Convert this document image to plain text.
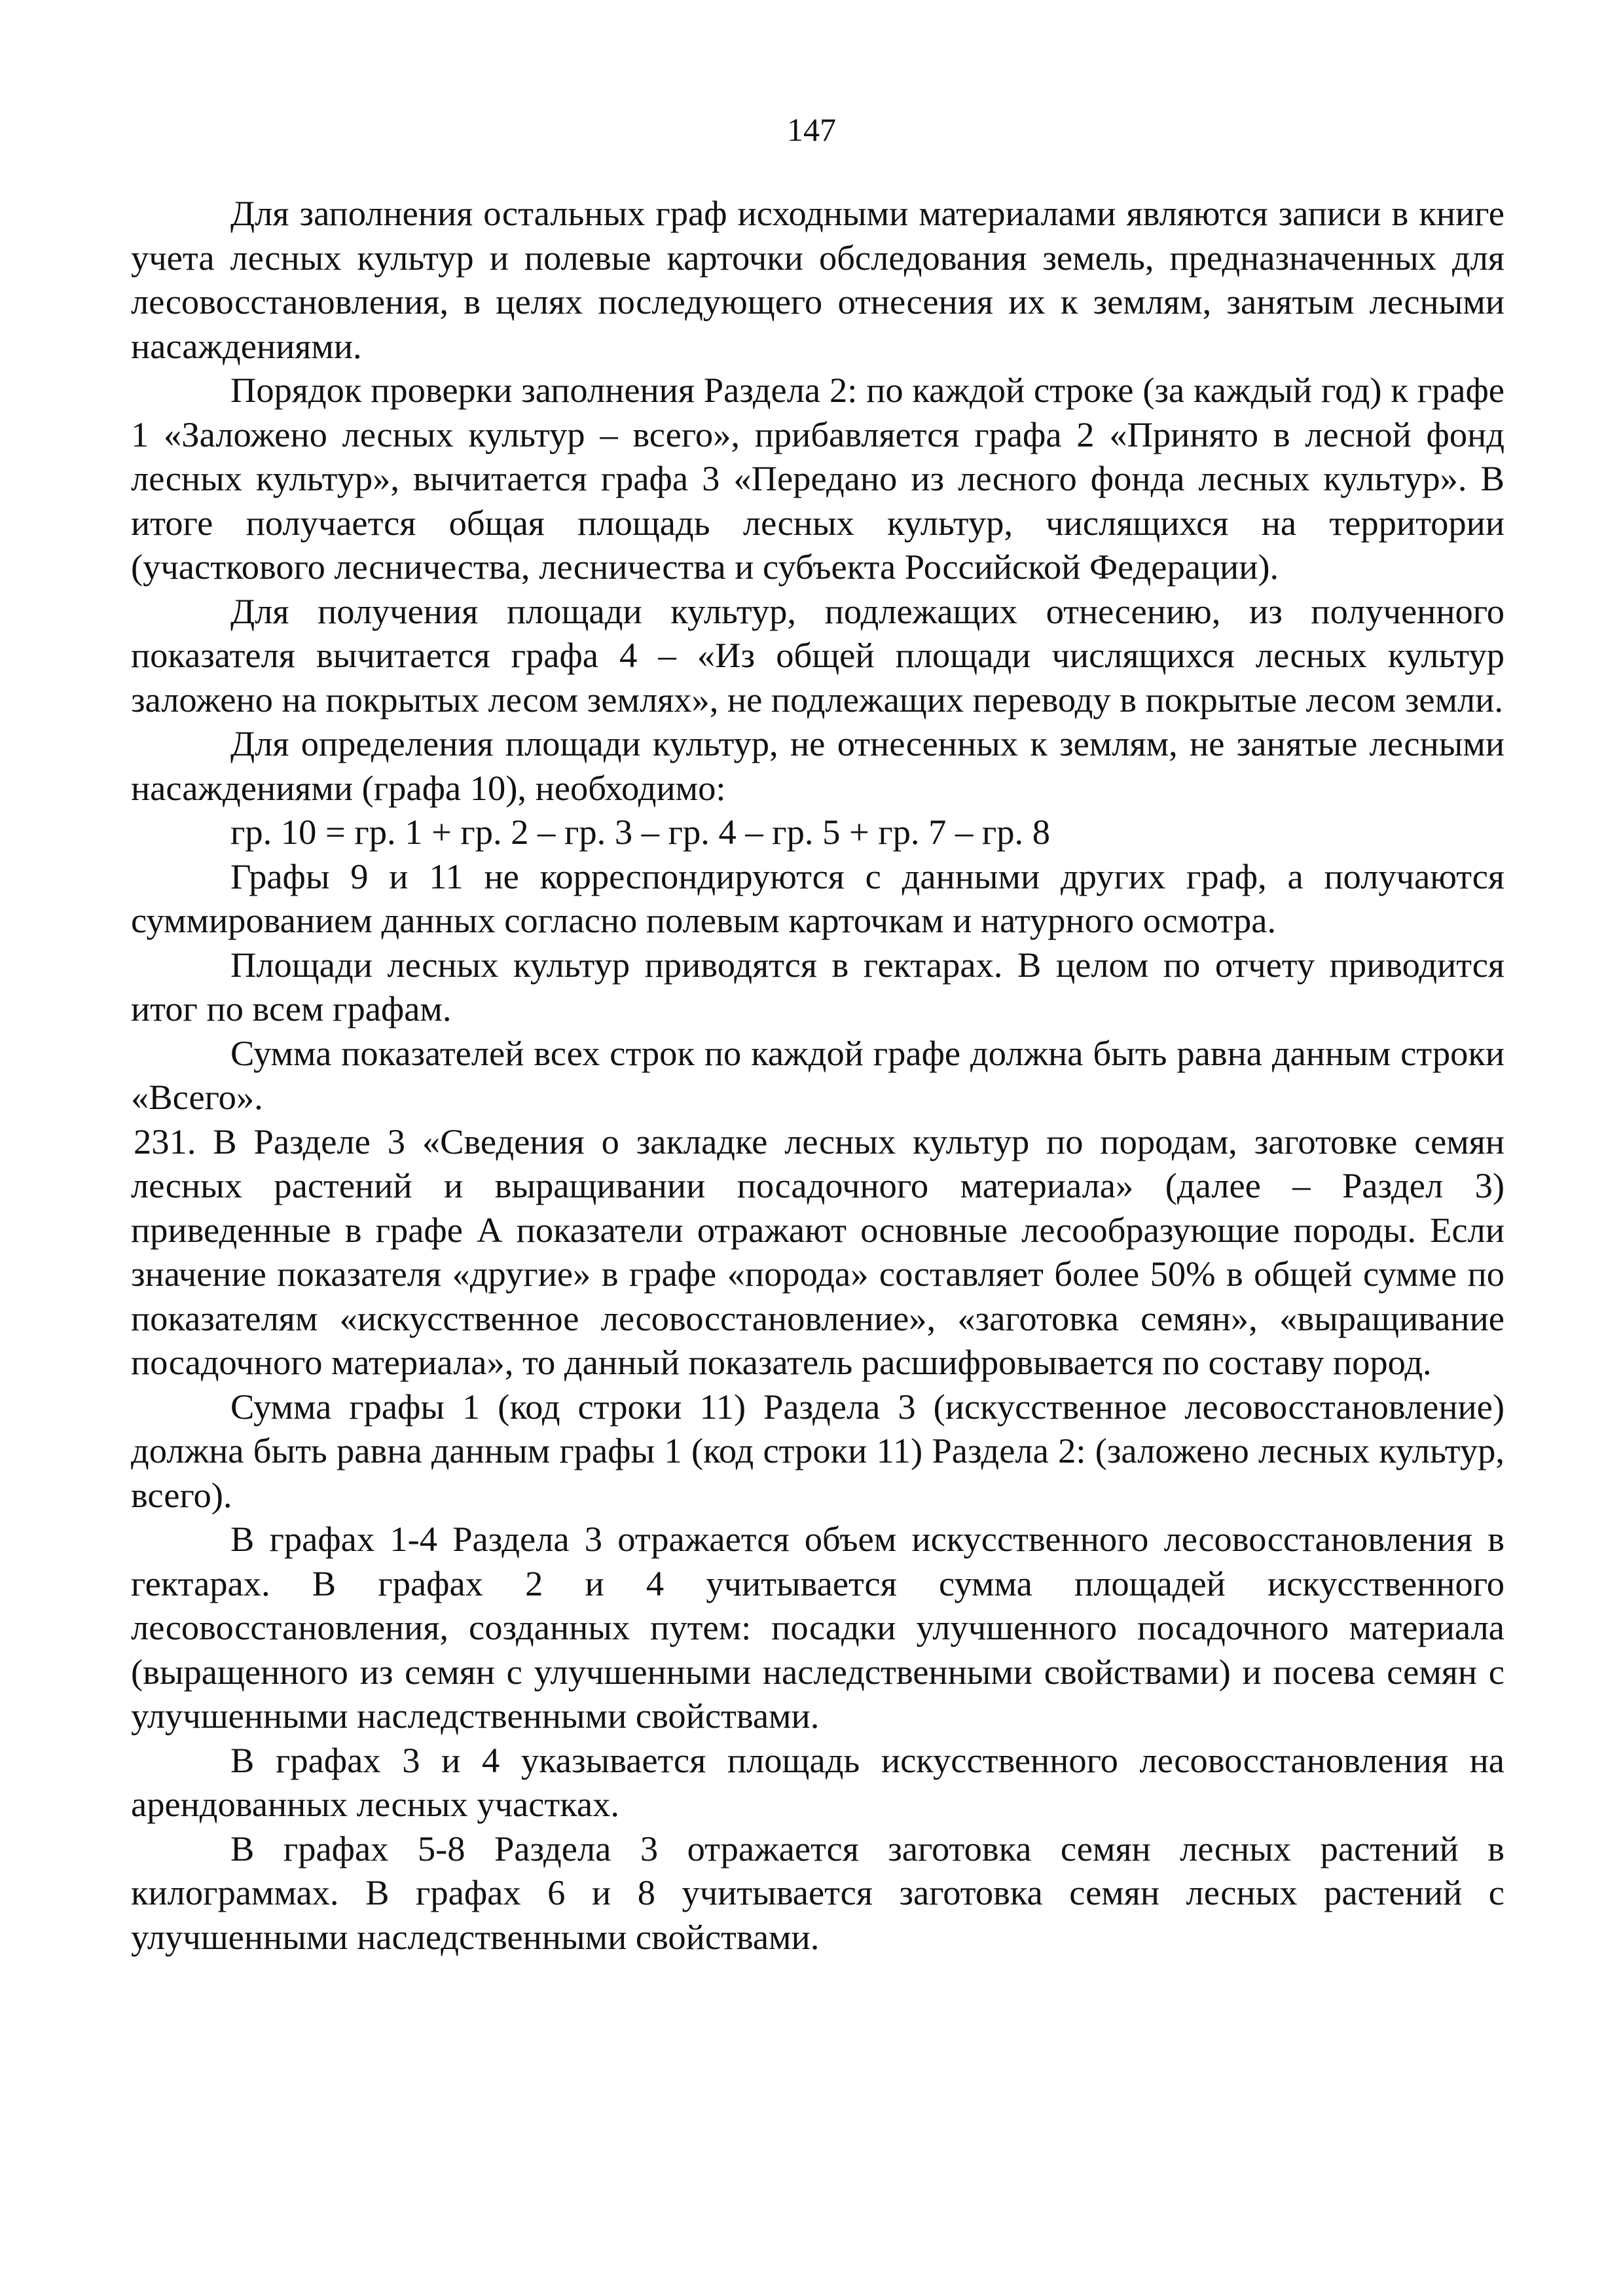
147

Для заполнения остальных граф исходными материалами являются записи в книге учета лесных культур и полевые карточки обследования земель, предназначенных для лесовосстановления, в целях последующего отнесения их к землям, занятым лесными насаждениями.

Порядок проверки заполнения Раздела 2: по каждой строке (за каждый год) к графе 1 «Заложено лесных культур – всего», прибавляется графа 2 «Принято в лесной фонд лесных культур», вычитается графа 3 «Передано из лесного фонда лесных культур». В итоге получается общая площадь лесных культур, числящихся на территории (участкового лесничества, лесничества и субъекта Российской Федерации).

Для получения площади культур, подлежащих отнесению, из полученного показателя вычитается графа 4 – «Из общей площади числящихся лесных культур заложено на покрытых лесом землях», не подлежащих переводу в покрытые лесом земли.

Для определения площади культур, не отнесенных к землям, не занятые лесными насаждениями (графа 10), необходимо:

гр. 10 = гр. 1 + гр. 2 – гр. 3 – гр. 4 – гр. 5 + гр. 7 – гр. 8

Графы 9 и 11 не корреспондируются с данными других граф, а получаются суммированием данных согласно полевым карточкам и натурного осмотра.

Площади лесных культур приводятся в гектарах. В целом по отчету приводится итог по всем графам.

Сумма показателей всех строк по каждой графе должна быть равна данным строки «Всего».

231. В Разделе 3 «Сведения о закладке лесных культур по породам, заготовке семян лесных растений и выращивании посадочного материала» (далее – Раздел 3) приведенные в графе А показатели отражают основные лесообразующие породы. Если значение показателя «другие» в графе «порода» составляет более 50% в общей сумме по показателям «искусственное лесовосстановление», «заготовка семян», «выращивание посадочного материала», то данный показатель расшифровывается по составу пород.

Сумма графы 1 (код строки 11) Раздела 3 (искусственное лесовосстановление) должна быть равна данным графы 1 (код строки 11) Раздела 2: (заложено лесных культур, всего).

В графах 1-4 Раздела 3 отражается объем искусственного лесовосстановления в гектарах. В графах 2 и 4 учитывается сумма площадей искусственного лесовосстановления, созданных путем: посадки улучшенного посадочного материала (выращенного из семян с улучшенными наследственными свойствами) и посева семян с улучшенными наследственными свойствами.

В графах 3 и 4 указывается площадь искусственного лесовосстановления на арендованных лесных участках.

В графах 5-8 Раздела 3 отражается заготовка семян лесных растений в килограммах. В графах 6 и 8 учитывается заготовка семян лесных растений с улучшенными наследственными свойствами.
